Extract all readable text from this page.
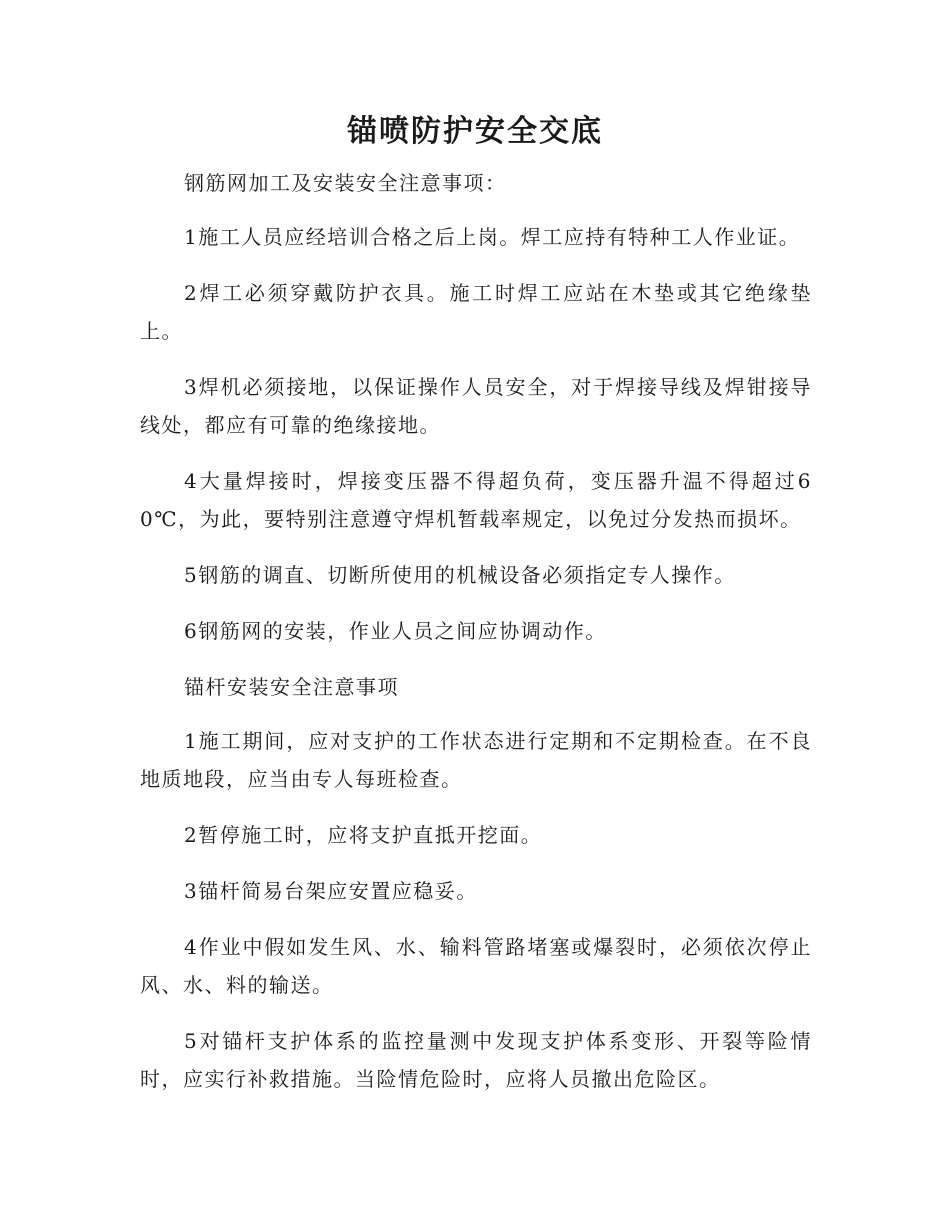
锚喷防护安全交底

钢筋网加工及安装安全注意事项：

1施工人员应经培训合格之后上岗。焊工应持有特种工人作业证。

2焊工必须穿戴防护衣具。施工时焊工应站在木垫或其它绝缘垫上。

3焊机必须接地，以保证操作人员安全，对于焊接导线及焊钳接导线处，都应有可靠的绝缘接地。

4大量焊接时，焊接变压器不得超负荷，变压器升温不得超过60℃，为此，要特别注意遵守焊机暂载率规定，以免过分发热而损坏。

5钢筋的调直、切断所使用的机械设备必须指定专人操作。

6钢筋网的安装，作业人员之间应协调动作。

锚杆安装安全注意事项

1施工期间，应对支护的工作状态进行定期和不定期检查。在不良地质地段，应当由专人每班检查。

2暂停施工时，应将支护直抵开挖面。

3锚杆简易台架应安置应稳妥。

4作业中假如发生风、水、输料管路堵塞或爆裂时，必须依次停止风、水、料的输送。

5对锚杆支护体系的监控量测中发现支护体系变形、开裂等险情时，应实行补救措施。当险情危险时，应将人员撤出危险区。
